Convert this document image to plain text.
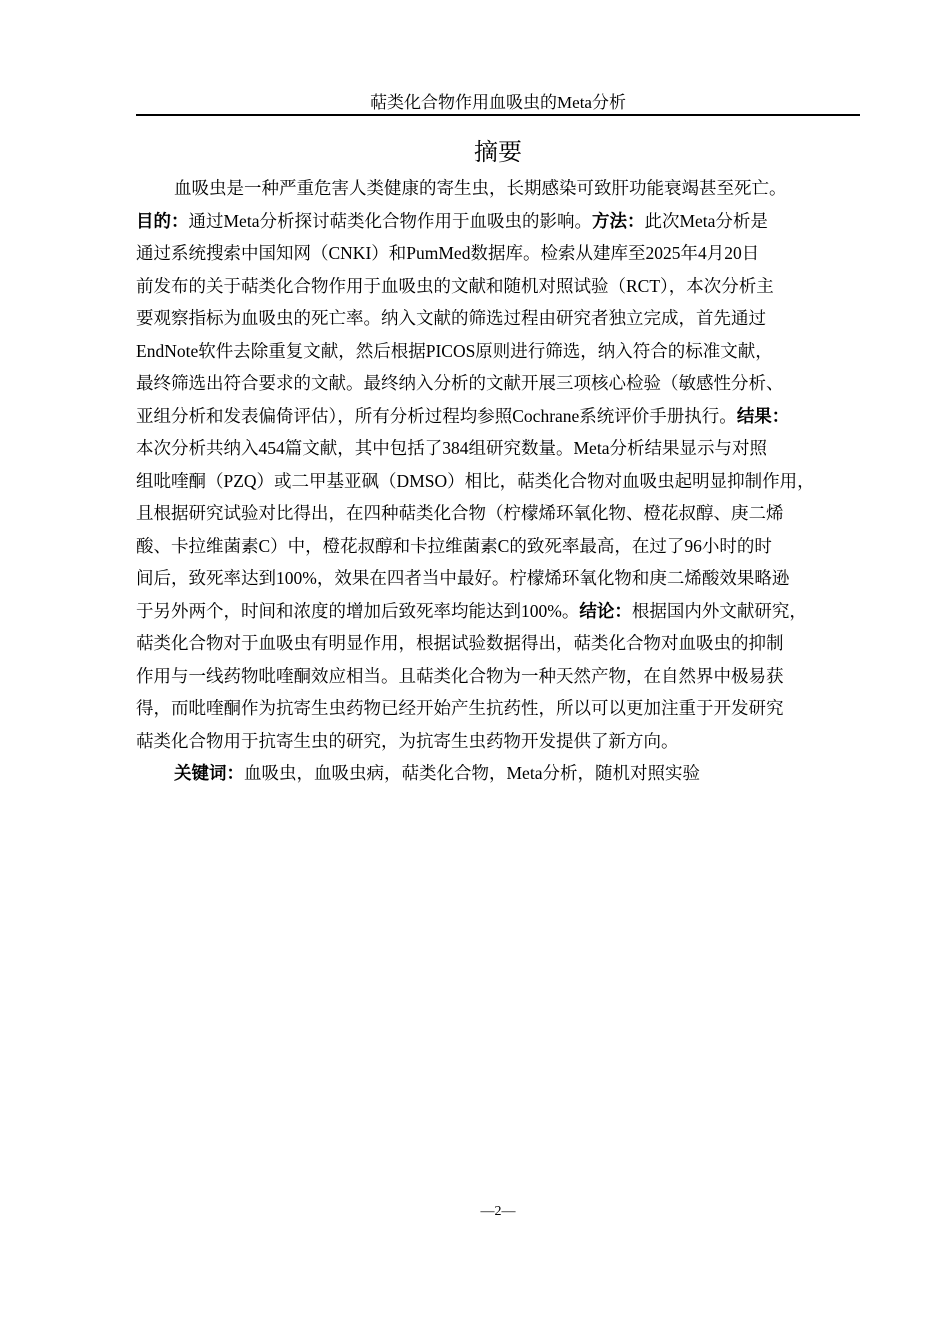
萜类化合物作用血吸虫的Meta分析
摘要
血吸虫是一种严重危害人类健康的寄生虫，长期感染可致肝功能衰竭甚至死亡。
目的：通过Meta分析探讨萜类化合物作用于血吸虫的影响。方法：此次Meta分析是
通过系统搜索中国知网（CNKI）和PumMed数据库。检索从建库至2025年4月20日
前发布的关于萜类化合物作用于血吸虫的文献和随机对照试验（RCT），本次分析主
要观察指标为血吸虫的死亡率。纳入文献的筛选过程由研究者独立完成，首先通过
EndNote软件去除重复文献，然后根据PICOS原则进行筛选，纳入符合的标准文献，
最终筛选出符合要求的文献。最终纳入分析的文献开展三项核心检验（敏感性分析、
亚组分析和发表偏倚评估），所有分析过程均参照Cochrane系统评价手册执行。结果：
本次分析共纳入454篇文献，其中包括了384组研究数量。Meta分析结果显示与对照
组吡喹酮（PZQ）或二甲基亚砜（DMSO）相比，萜类化合物对血吸虫起明显抑制作用，
且根据研究试验对比得出，在四种萜类化合物（柠檬烯环氧化物、橙花叔醇、庚二烯
酸、卡拉维菌素C）中，橙花叔醇和卡拉维菌素C的致死率最高，在过了96小时的时
间后，致死率达到100%，效果在四者当中最好。柠檬烯环氧化物和庚二烯酸效果略逊
于另外两个，时间和浓度的增加后致死率均能达到100%。结论：根据国内外文献研究，
萜类化合物对于血吸虫有明显作用，根据试验数据得出，萜类化合物对血吸虫的抑制
作用与一线药物吡喹酮效应相当。且萜类化合物为一种天然产物，在自然界中极易获
得，而吡喹酮作为抗寄生虫药物已经开始产生抗药性，所以可以更加注重于开发研究
萜类化合物用于抗寄生虫的研究，为抗寄生虫药物开发提供了新方向。
关键词：血吸虫，血吸虫病，萜类化合物，Meta分析，随机对照实验
—2—
